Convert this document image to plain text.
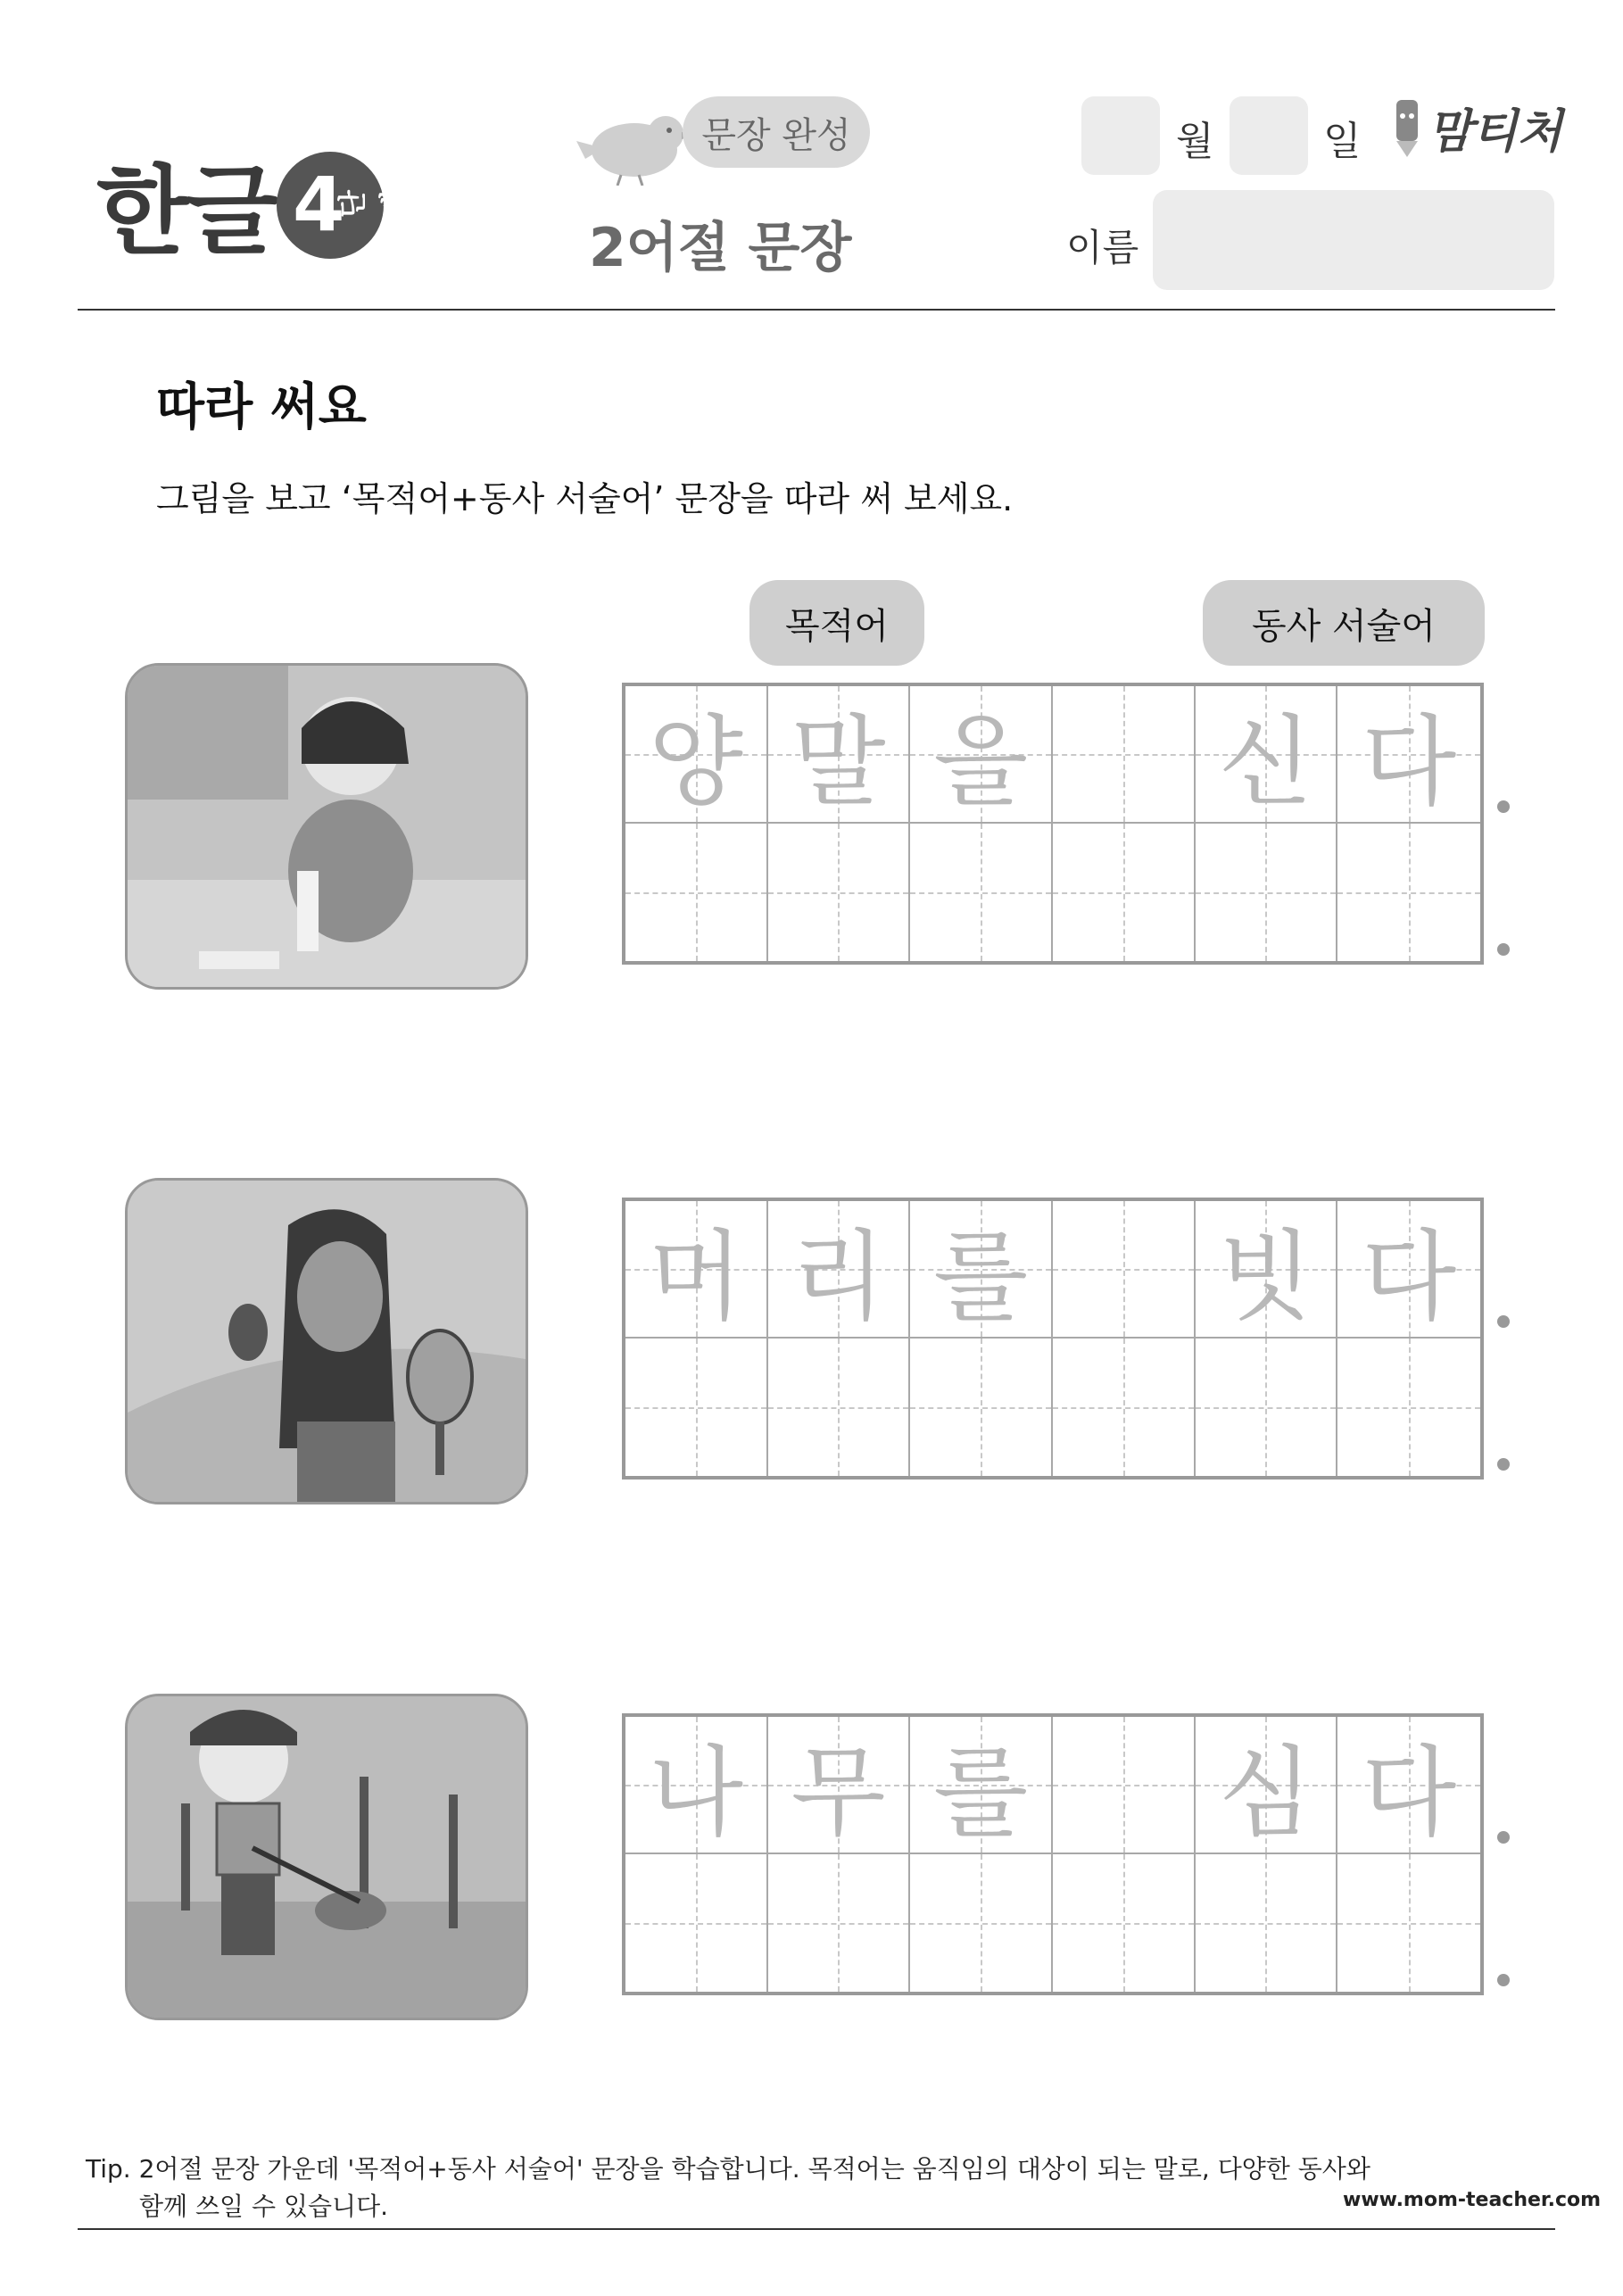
한글 4
단계
문장 완성
2어절 문장
월	일 맘티처
이름
따라 써요
그림을 보고 ‘목적어+동사 서술어’ 문장을 따라 써 보세요.
목적어	동사 서술어
양 말 을 신 다
머 리 를 빗 다
나 무 를 심 다
Tip. 2어절 문장 가운데 '목적어+동사 서술어' 문장을 학습합니다. 목적어는 움직임의 대상이 되는 말로, 다양한 동사와
함께 쓰일 수 있습니다.	www.mom-teacher.com
